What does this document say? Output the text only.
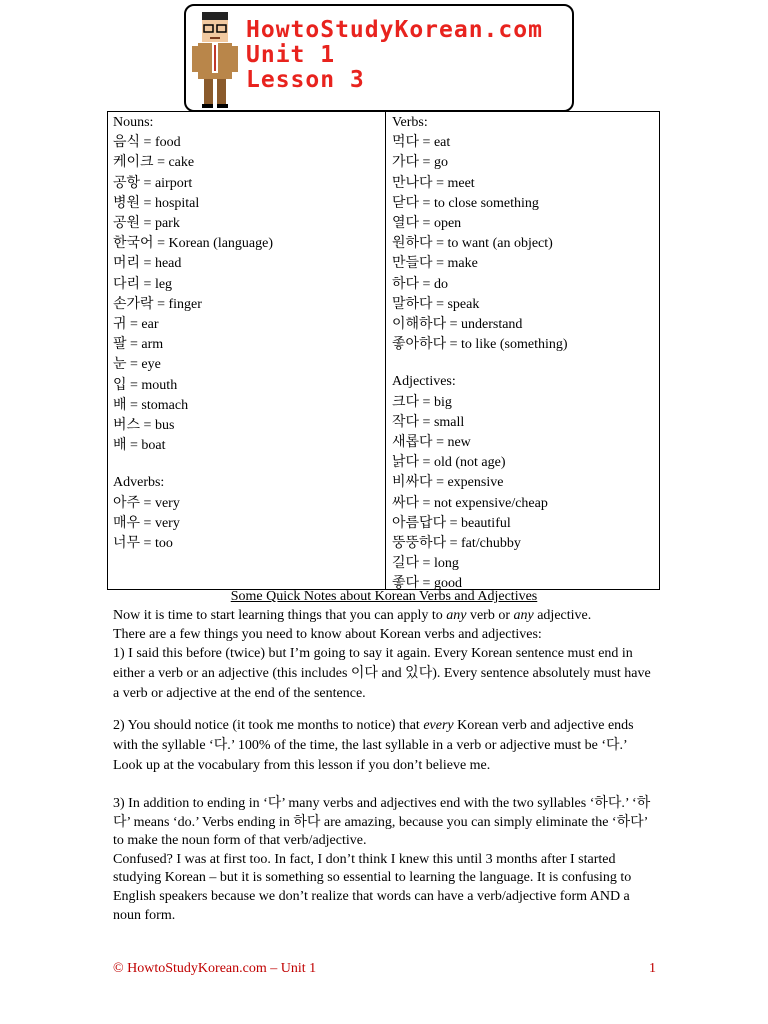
HowtoStudyKorean.com
Unit 1
Lesson 3
Nouns:
음식 = food
케이크 = cake
공항 = airport
병원 = hospital
공원 = park
한국어 = Korean (language)
머리 = head
다리 = leg
손가락 = finger
귀 = ear
팔 = arm
눈 = eye
입 = mouth
배 = stomach
버스 = bus
배 = boat
Adverbs:
아주 = very
매우 = very
너무 = too
Verbs:
먹다 = eat
가다 = go
만나다 = meet
닫다 = to close something
열다 = open
원하다 = to want (an object)
만들다 = make
하다 = do
말하다 = speak
이해하다 = understand
좋아하다 = to like (something)
Adjectives:
크다 = big
작다 = small
새롭다 = new
낡다 = old (not age)
비싸다 = expensive
싸다 = not expensive/cheap
아름답다 = beautiful
뚱뚱하다 = fat/chubby
길다 = long
좋다 = good
Some Quick Notes about Korean Verbs and Adjectives

Now it is time to start learning things that you can apply to any verb or any adjective.

There are a few things you need to know about Korean verbs and adjectives:

1) I said this before (twice) but I’m going to say it again. Every Korean sentence must end in either a verb or an adjective (this includes 이다 and 있다). Every sentence absolutely must have a verb or adjective at the end of the sentence.

2) You should notice (it took me months to notice) that every Korean verb and adjective ends with the syllable ‘다.’ 100% of the time, the last syllable in a verb or adjective must be ‘다.’ Look up at the vocabulary from this lesson if you don’t believe me.

3) In addition to ending in ‘다’ many verbs and adjectives end with the two syllables ‘하다.’ ‘하다’ means ‘do.’ Verbs ending in 하다 are amazing, because you can simply eliminate the ‘하다’ to make the noun form of that verb/adjective.

Confused? I was at first too. In fact, I don’t think I knew this until 3 months after I started studying Korean – but it is something so essential to learning the language. It is confusing to English speakers because we don’t realize that words can have a verb/adjective form AND a noun form.

© HowtoStudyKorean.com – Unit 1	1
